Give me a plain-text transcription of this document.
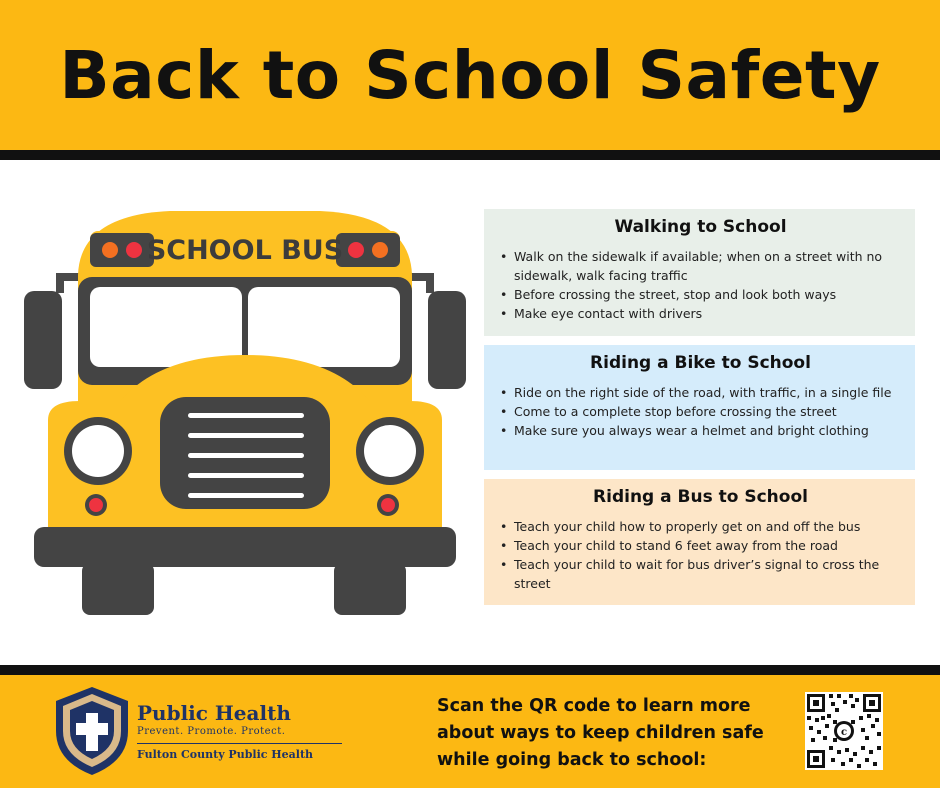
Back to School Safety
SCHOOL BUS
Walking to School
• Walk on the sidewalk if available; when on a street with no sidewalk, walk facing traffic
• Before crossing the street, stop and look both ways
• Make eye contact with drivers
Riding a Bike to School
• Ride on the right side of the road, with traffic, in a single file
• Come to a complete stop before crossing the street
• Make sure you always wear a helmet and bright clothing
Riding a Bus to School
• Teach your child how to properly get on and off the bus
• Teach your child to stand 6 feet away from the road
• Teach your child to wait for bus driver’s signal to cross the street
Public Health
Prevent. Promote. Protect.
Fulton County Public Health
Scan the QR code to learn more about ways to keep children safe while going back to school:
c
